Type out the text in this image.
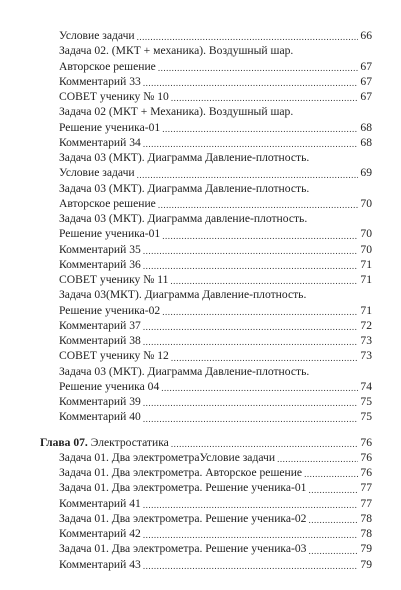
Условие задачи .....	66
Задача 02. (МКТ + механика). Воздушный шар.
Авторское решение .....	67
Комментарий 33 .....	67
СОВЕТ ученику № 10 .....	67
Задача 02 (МКТ + Механика). Воздушный шар.
Решение ученика-01 .....	68
Комментарий 34 .....	68
Задача 03 (МКТ). Диаграмма Давление-плотность.
Условие задачи .....	69
Задача 03 (МКТ). Диаграмма Давление-плотность.
Авторское решение .....	70
Задача 03 (МКТ). Диаграмма давление-плотность.
Решение ученика-01 .....	70
Комментарий 35 .....	70
Комментарий 36 .....	71
СОВЕТ ученику № 11 .....	71
Задача 03(МКТ). Диаграмма Давление-плотность.
Решение ученика-02 .....	71
Комментарий 37 .....	72
Комментарий 38 .....	73
СОВЕТ ученику № 12 .....	73
Задача 03 (МКТ). Диаграмма Давление-плотность.
Решение ученика 04 .....	74
Комментарий 39 .....	75
Комментарий 40 .....	75
Глава 07. Электростатика .....	76
Задача 01. Два электрометраУсловие задачи .....	76
Задача 01. Два электрометра. Авторское решение .....	76
Задача 01. Два электрометра. Решение ученика-01 .....	77
Комментарий 41 .....	77
Задача 01. Два электрометра. Решение ученика-02 .....	78
Комментарий 42 .....	78
Задача 01. Два электрометра. Решение ученика-03 .....	79
Комментарий 43 .....	79
